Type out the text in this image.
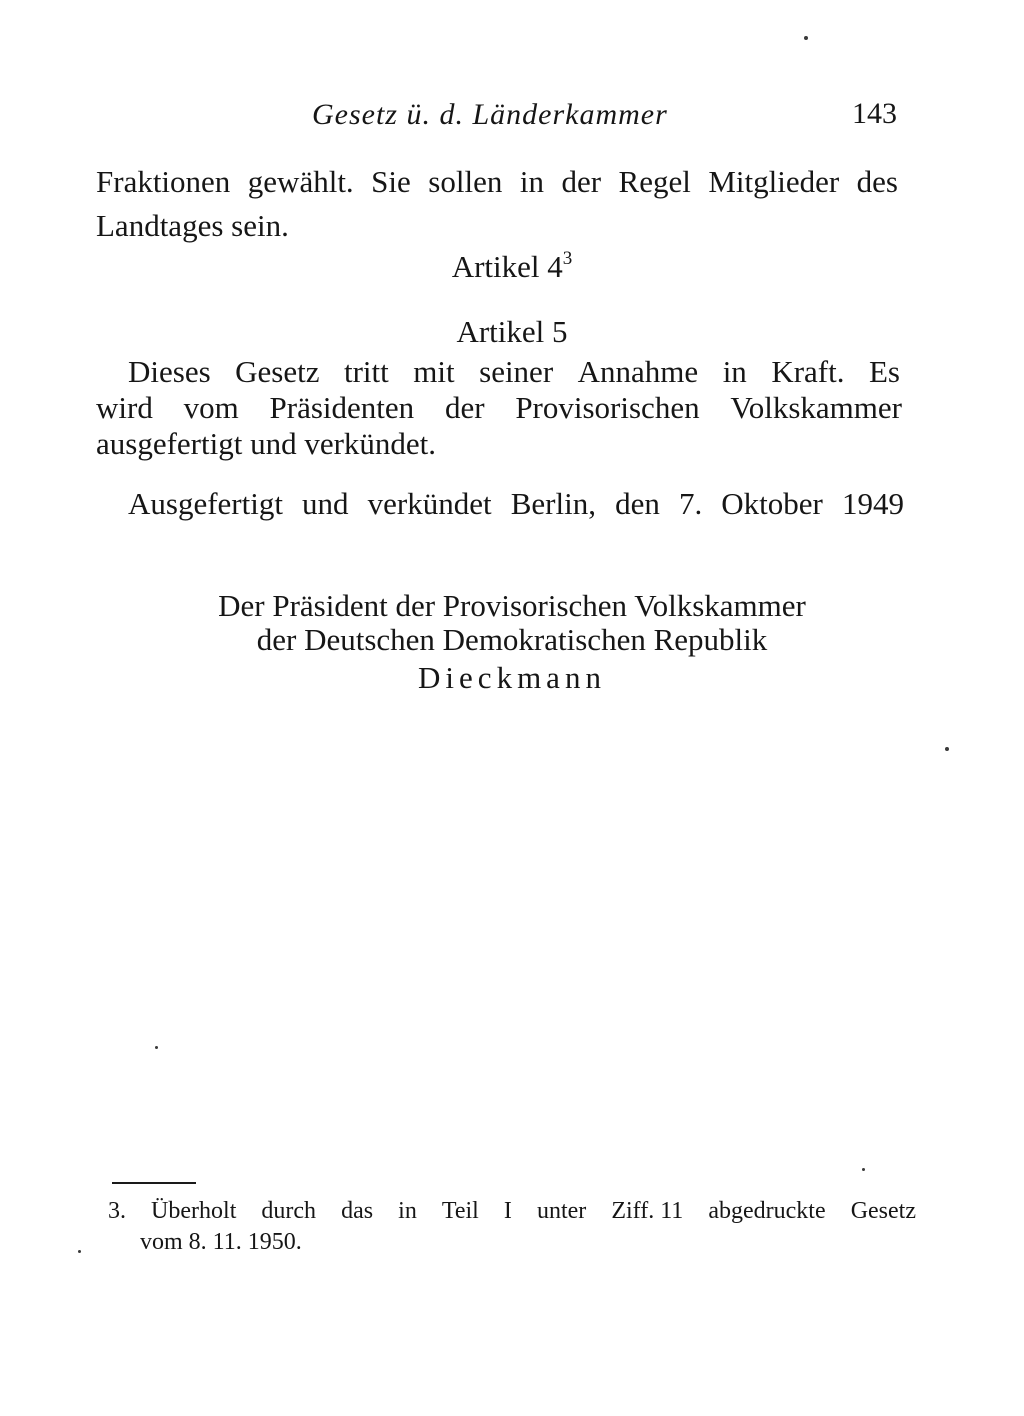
Gesetz ü. d. Länderkammer	143
Fraktionen gewählt. Sie sollen in der Regel Mitglieder des
Landtages sein.
Artikel $4^3$
Artikel 5
Dieses Gesetz tritt mit seiner Annahme in Kraft. Es
wird vom Präsidenten der Provisorischen Volkskammer
ausgefertigt und verkündet.
Ausgefertigt und verkündet Berlin, den 7. Oktober 1949
Der Präsident der Provisorischen Volkskammer
der Deutschen Demokratischen Republik
Dieckmann
3. Überholt durch das in Teil I unter Ziff. 11 abgedruckte Gesetz
vom 8. 11. 1950.
